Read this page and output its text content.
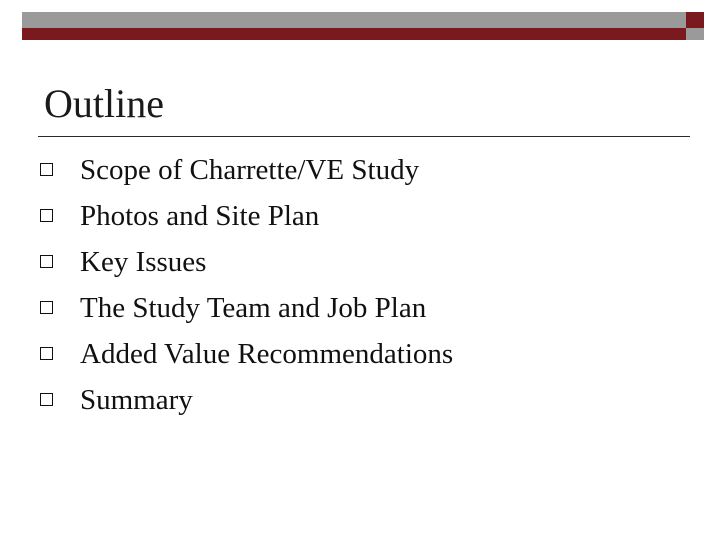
Outline
Scope of Charrette/VE Study
Photos and Site Plan
Key Issues
The Study Team and Job Plan
Added Value Recommendations
Summary
